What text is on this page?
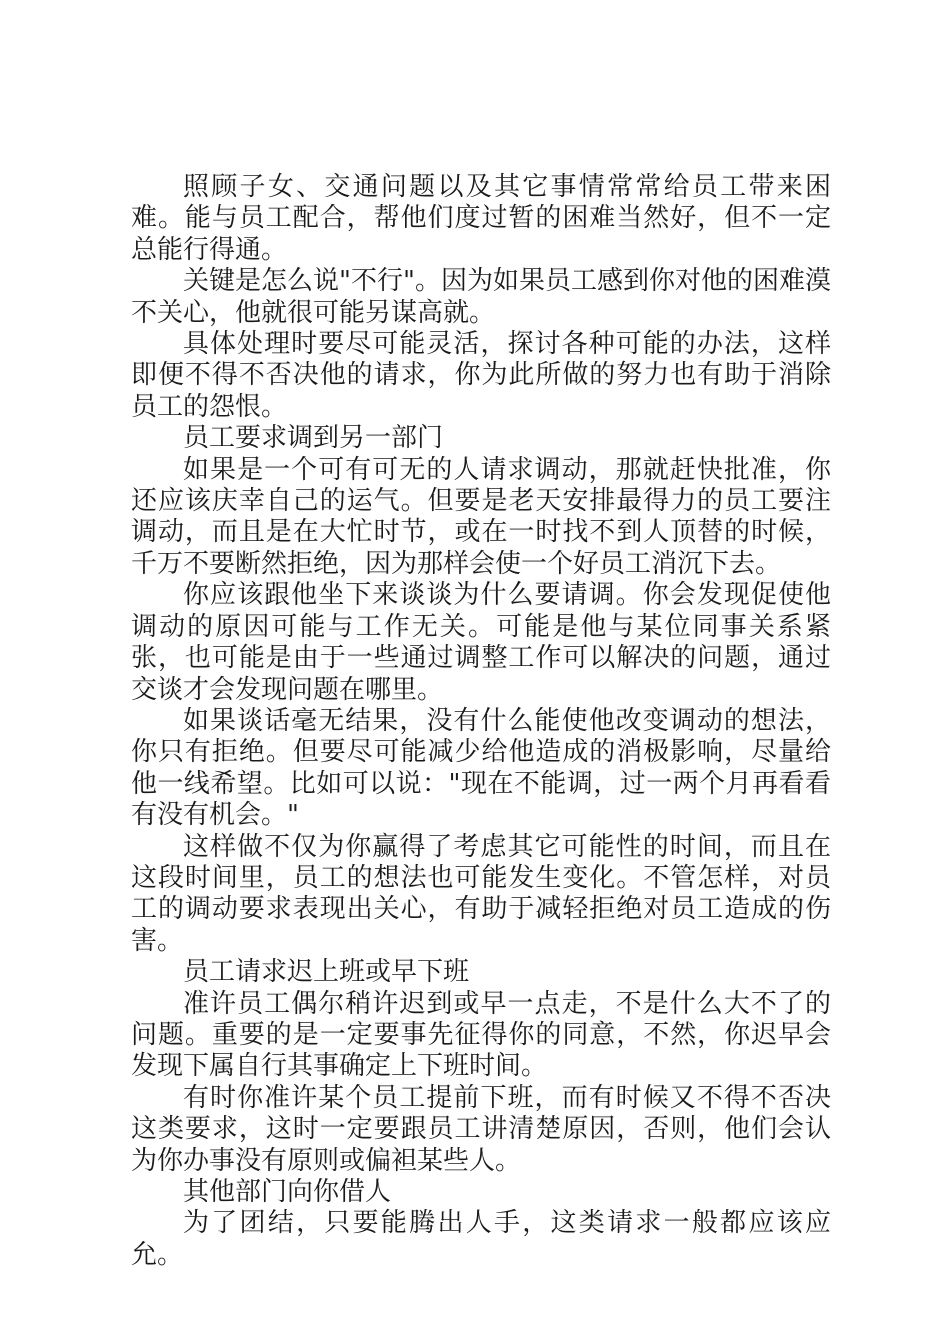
照顾子女、交通问题以及其它事情常常给员工带来困难。能与员工配合，帮他们度过暂的困难当然好，但不一定总能行得通。

关键是怎么说"不行"。因为如果员工感到你对他的困难漠不关心，他就很可能另谋高就。

具体处理时要尽可能灵活，探讨各种可能的办法，这样即便不得不否决他的请求，你为此所做的努力也有助于消除员工的怨恨。

员工要求调到另一部门

如果是一个可有可无的人请求调动，那就赶快批准，你还应该庆幸自己的运气。但要是老天安排最得力的员工要注调动，而且是在大忙时节，或在一时找不到人顶替的时候，千万不要断然拒绝，因为那样会使一个好员工消沉下去。

你应该跟他坐下来谈谈为什么要请调。你会发现促使他调动的原因可能与工作无关。可能是他与某位同事关系紧张，也可能是由于一些通过调整工作可以解决的问题，通过交谈才会发现问题在哪里。

如果谈话毫无结果，没有什么能使他改变调动的想法，你只有拒绝。但要尽可能减少给他造成的消极影响，尽量给他一线希望。比如可以说："现在不能调，过一两个月再看看有没有机会。"

这样做不仅为你赢得了考虑其它可能性的时间，而且在这段时间里，员工的想法也可能发生变化。不管怎样，对员工的调动要求表现出关心，有助于减轻拒绝对员工造成的伤害。

员工请求迟上班或早下班

准许员工偶尔稍许迟到或早一点走，不是什么大不了的问题。重要的是一定要事先征得你的同意，不然，你迟早会发现下属自行其事确定上下班时间。

有时你准许某个员工提前下班，而有时候又不得不否决这类要求，这时一定要跟员工讲清楚原因，否则，他们会认为你办事没有原则或偏袒某些人。

其他部门向你借人

为了团结，只要能腾出人手，这类请求一般都应该应允。
